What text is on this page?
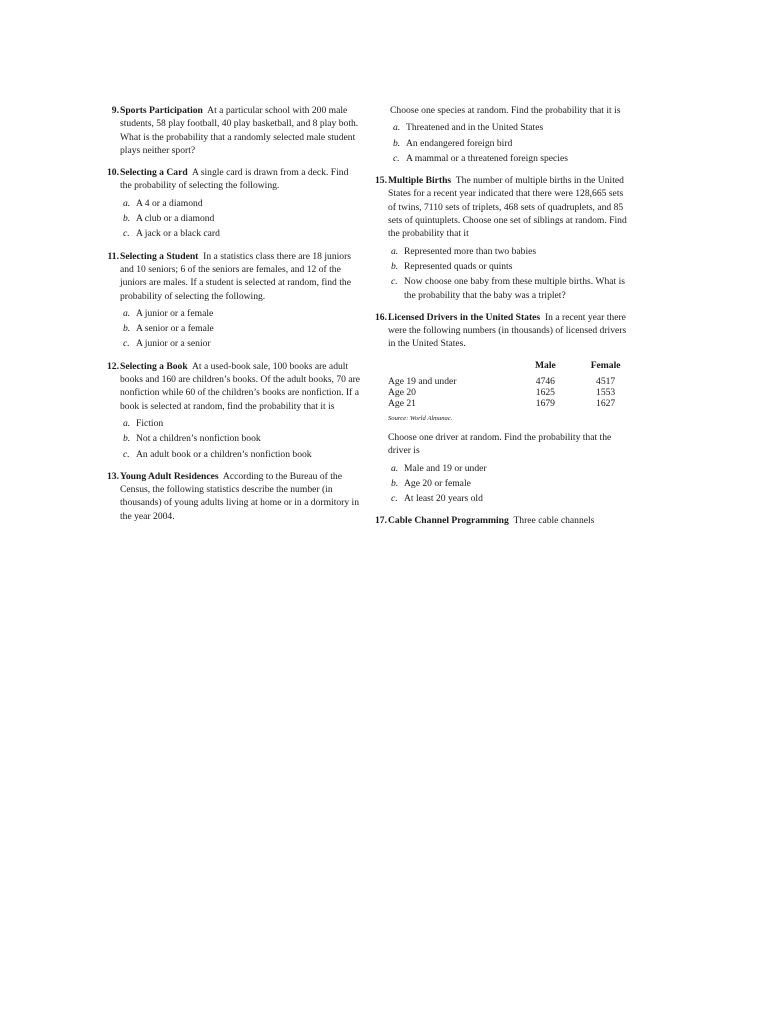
9. Sports Participation At a particular school with 200 male students, 58 play football, 40 play basketball, and 8 play both. What is the probability that a randomly selected male student plays neither sport?
10. Selecting a Card A single card is drawn from a deck. Find the probability of selecting the following.
a. A 4 or a diamond
b. A club or a diamond
c. A jack or a black card
11. Selecting a Student In a statistics class there are 18 juniors and 10 seniors; 6 of the seniors are females, and 12 of the juniors are males. If a student is selected at random, find the probability of selecting the following.
a. A junior or a female
b. A senior or a female
c. A junior or a senior
12. Selecting a Book At a used-book sale, 100 books are adult books and 160 are children’s books. Of the adult books, 70 are nonfiction while 60 of the children’s books are nonfiction. If a book is selected at random, find the probability that it is
a. Fiction
b. Not a children’s nonfiction book
c. An adult book or a children’s nonfiction book
13. Young Adult Residences According to the Bureau of the Census, the following statistics describe the number (in thousands) of young adults living at home or in a dormitory in the year 2004.
Choose one species at random. Find the probability that it is
a. Threatened and in the United States
b. An endangered foreign bird
c. A mammal or a threatened foreign species
15. Multiple Births The number of multiple births in the United States for a recent year indicated that there were 128,665 sets of twins, 7110 sets of triplets, 468 sets of quadruplets, and 85 sets of quintuplets. Choose one set of siblings at random. Find the probability that it
a. Represented more than two babies
b. Represented quads or quints
c. Now choose one baby from these multiple births. What is the probability that the baby was a triplet?
16. Licensed Drivers in the United States In a recent year there were the following numbers (in thousands) of licensed drivers in the United States.
	Male		Female
Age 19 and under	4746		4517
Age 20	1625		1553
Age 21	1679		1627
Source: World Almanac.
Choose one driver at random. Find the probability that the driver is
a. Male and 19 or under
b. Age 20 or female
c. At least 20 years old
17. Cable Channel Programming Three cable channels
